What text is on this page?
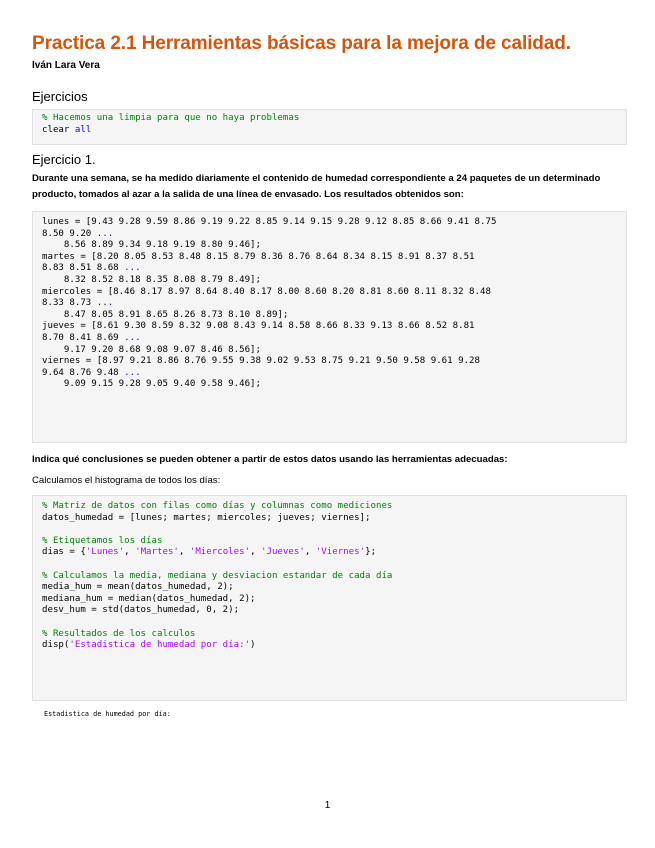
Practica 2.1 Herramientas básicas para la mejora de calidad.
Iván Lara Vera
Ejercicios
% Hacemos una limpia para que no haya problemas
clear all
Ejercicio 1.
Durante una semana, se ha medido diariamente el contenido de humedad correspondiente a 24 paquetes de un determinado producto, tomados al azar a la salida de una línea de envasado. Los resultados obtenidos son:
lunes = [9.43 9.28 9.59 8.86 9.19 9.22 8.85 9.14 9.15 9.28 9.12 8.85 8.66 9.41 8.75
8.50 9.20 ...
8.56 8.89 9.34 9.18 9.19 8.80 9.46];
martes = [8.20 8.05 8.53 8.48 8.15 8.79 8.36 8.76 8.64 8.34 8.15 8.91 8.37 8.51
8.83 8.51 8.68 ...
8.32 8.52 8.18 8.35 8.08 8.79 8.49];
miercoles = [8.46 8.17 8.97 8.64 8.40 8.17 8.00 8.60 8.20 8.81 8.60 8.11 8.32 8.48
8.33 8.73 ...
8.47 8.05 8.91 8.65 8.26 8.73 8.10 8.89];
jueves = [8.61 9.30 8.59 8.32 9.08 8.43 9.14 8.58 8.66 8.33 9.13 8.66 8.52 8.81
8.70 8.41 8.69 ...
9.17 9.20 8.68 9.08 9.07 8.46 8.56];
viernes = [8.97 9.21 8.86 8.76 9.55 9.38 9.02 9.53 8.75 9.21 9.50 9.58 9.61 9.28
9.64 8.76 9.48 ...
9.09 9.15 9.28 9.05 9.40 9.58 9.46];
Indica qué conclusiones se pueden obtener a partir de estos datos usando las herramientas adecuadas:
Calculamos el histograma de todos los días:
% Matriz de datos con filas como días y columnas como mediciones
datos_humedad = [lunes; martes; miercoles; jueves; viernes];
% Etiquetamos los días
dias = {'Lunes', 'Martes', 'Miercoles', 'Jueves', 'Viernes'};
% Calculamos la media, mediana y desviacion estandar de cada día
media_hum = mean(datos_humedad, 2);
mediana_hum = median(datos_humedad, 2);
desv_hum = std(datos_humedad, 0, 2);
% Resultados de los calculos
disp('Estadistica de humedad por día:')
Estadistica de humedad por día:
1
